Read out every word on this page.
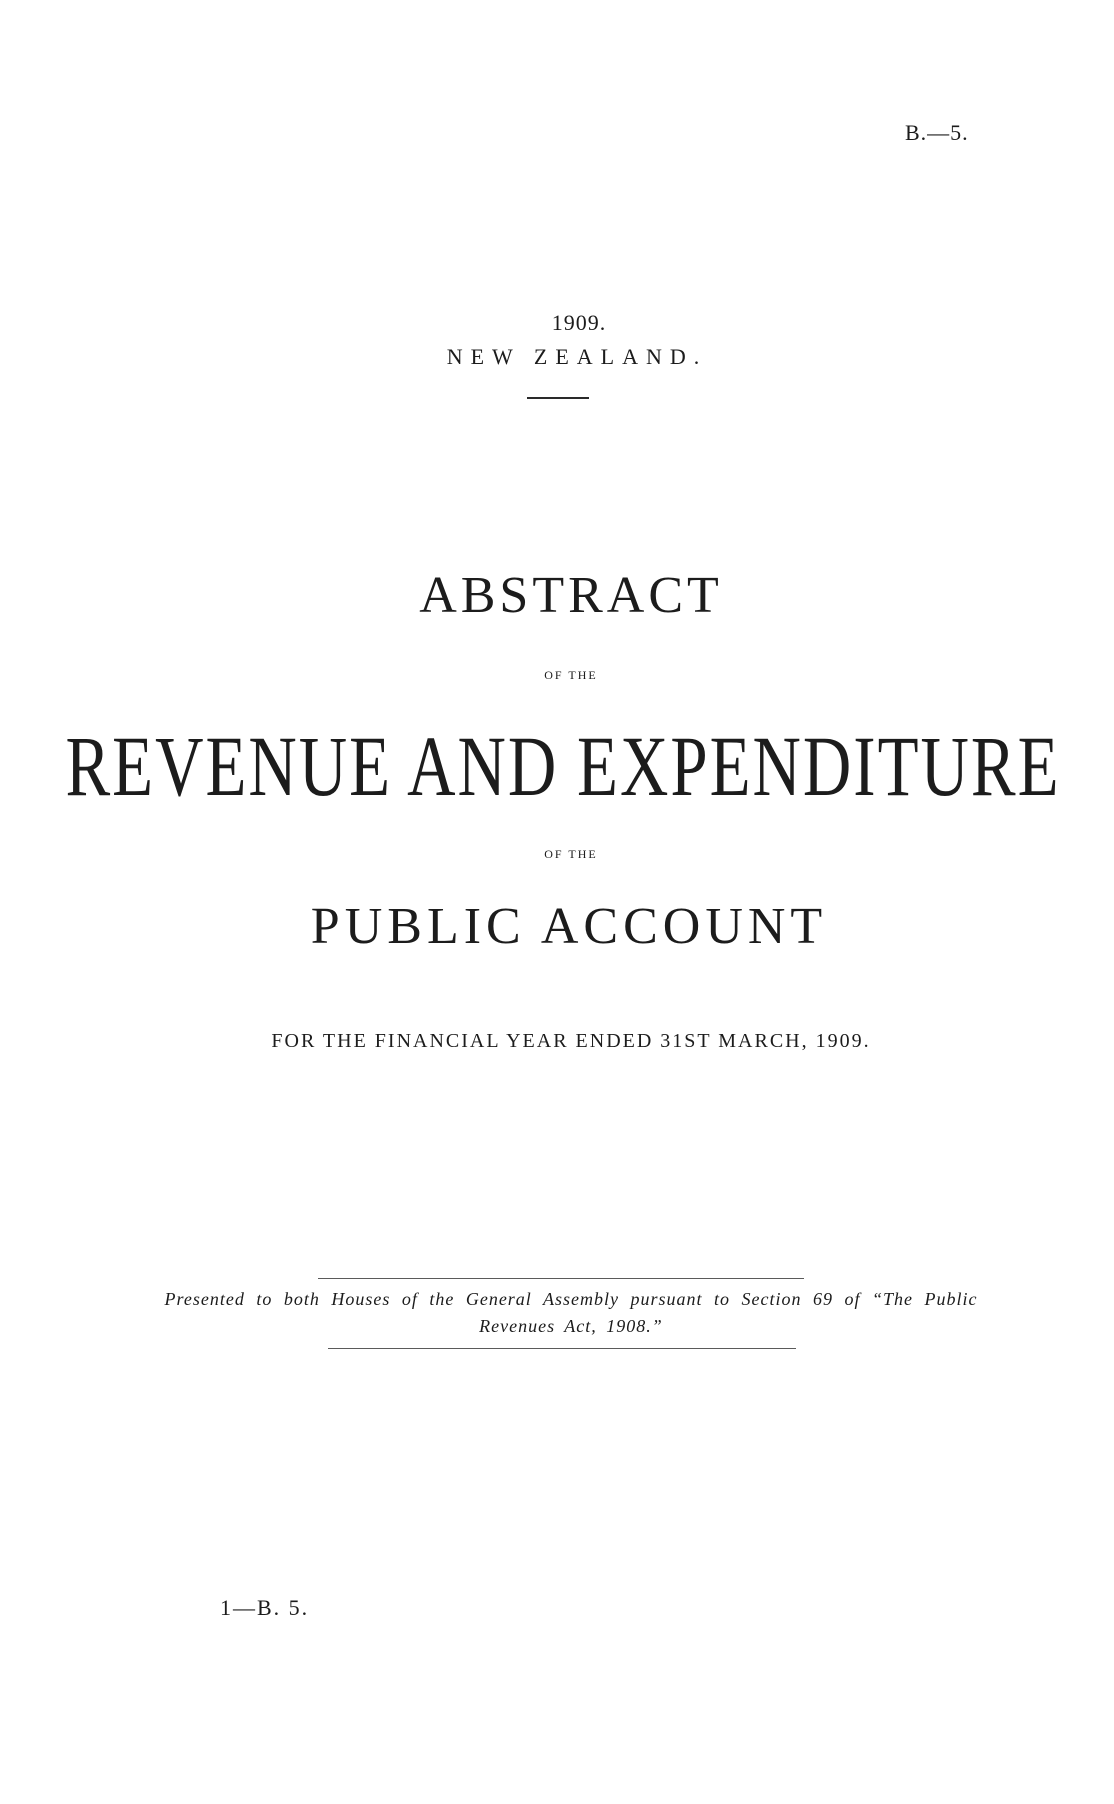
B.—5.
1909.
NEW ZEALAND.
ABSTRACT
OF THE
REVENUE AND EXPENDITURE
OF THE
PUBLIC ACCOUNT
FOR THE FINANCIAL YEAR ENDED 31ST MARCH, 1909.
Presented to both Houses of the General Assembly pursuant to Section 69 of “The Public
Revenues Act, 1908.”
1—B. 5.
